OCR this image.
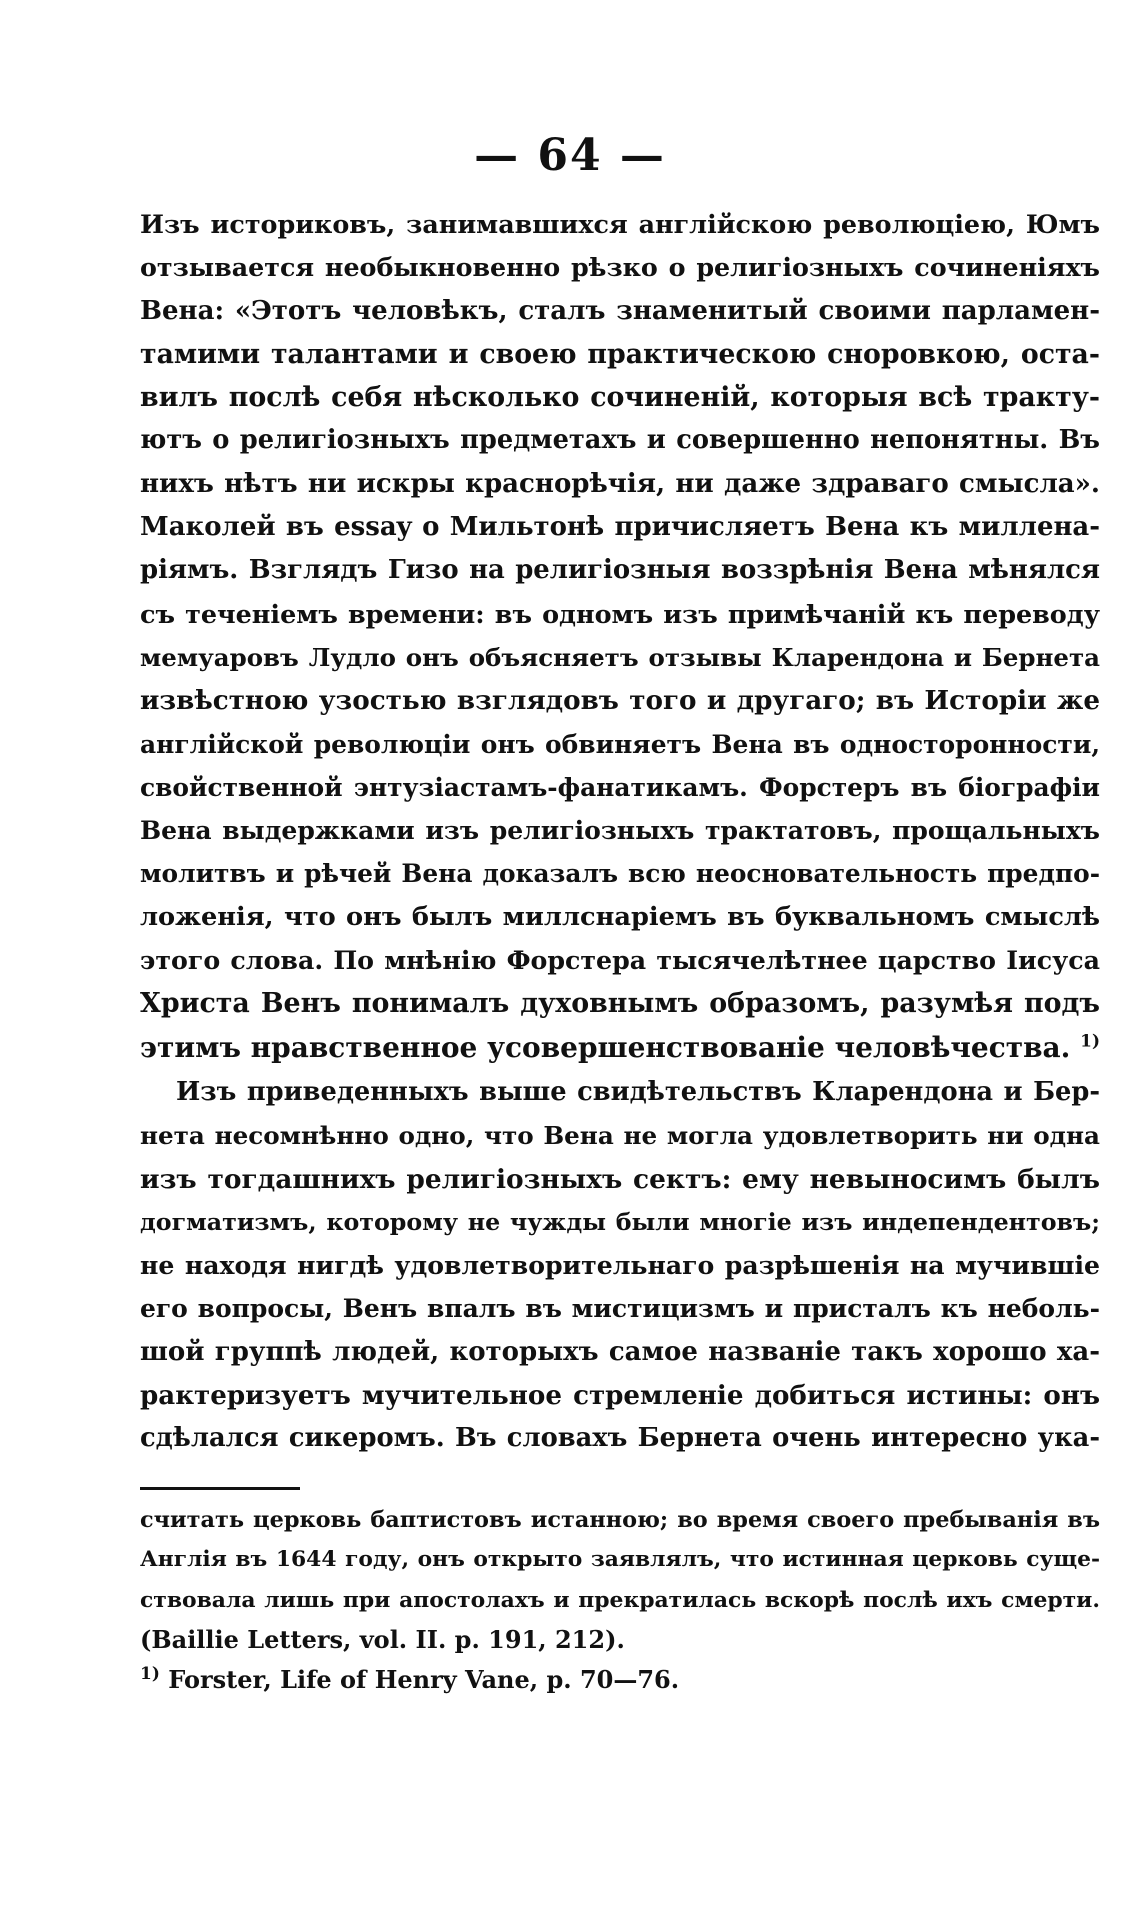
— 64 —
Изъ историковъ, занимавшихся англійскою революціею, Юмъ
отзывается необыкновенно рѣзко о религіозныхъ сочиненіяхъ
Вена: «Этотъ человѣкъ, сталъ знаменитый своими парламен-
тамими талантами и своею практическою сноровкою, оста-
вилъ послѣ себя нѣсколько сочиненій, которыя всѣ тракту-
ютъ о религіозныхъ предметахъ и совершенно непонятны. Въ
нихъ нѣтъ ни искры краснорѣчія, ни даже здраваго смысла».
Маколей въ essay о Мильтонѣ причисляетъ Вена къ миллена-
ріямъ. Взглядъ Гизо на религіозныя воззрѣнія Вена мѣнялся
съ теченіемъ времени: въ одномъ изъ примѣчаній къ переводу
мемуаровъ Лудло онъ объясняетъ отзывы Кларендона и Бернета
извѣстною узостью взглядовъ того и другаго; въ Исторіи же
англійской революціи онъ обвиняетъ Вена въ односторонности,
свойственной энтузіастамъ-фанатикамъ. Форстеръ въ біографіи
Вена выдержками изъ религіозныхъ трактатовъ, прощальныхъ
молитвъ и рѣчей Вена доказалъ всю неосновательность предпо-
ложенія, что онъ былъ миллснаріемъ въ буквальномъ смыслѣ
этого слова. По мнѣнію Форстера тысячелѣтнее царство Іисуса
Христа Венъ понималъ духовнымъ образомъ, разумѣя подъ
этимъ нравственное усовершенствованіе человѣчества. $^{1)}$
Изъ приведенныхъ выше свидѣтельствъ Кларендона и Бер-
нета несомнѣнно одно, что Вена не могла удовлетворить ни одна
изъ тогдашнихъ религіозныхъ сектъ: ему невыносимъ былъ
догматизмъ, которому не чужды были многіе изъ индепендентовъ;
не находя нигдѣ удовлетворительнаго разрѣшенія на мучившіе
его вопросы, Венъ впалъ въ мистицизмъ и присталъ къ неболь-
шой группѣ людей, которыхъ самое названіе такъ хорошо ха-
рактеризуетъ мучительное стремленіе добиться истины: онъ
сдѣлался сикеромъ. Въ словахъ Бернета очень интересно ука-
считать церковь баптистовъ истанною; во время своего пребыванія въ
Англія въ 1644 году, онъ открыто заявлялъ, что истинная церковь суще-
ствовала лишь при апостолахъ и прекратилась вскорѣ послѣ ихъ смерти.
(Baillie Letters, vol. II. p. 191, 212).
$^{1)}$ Forster, Life of Henry Vane, p. 70—76.
